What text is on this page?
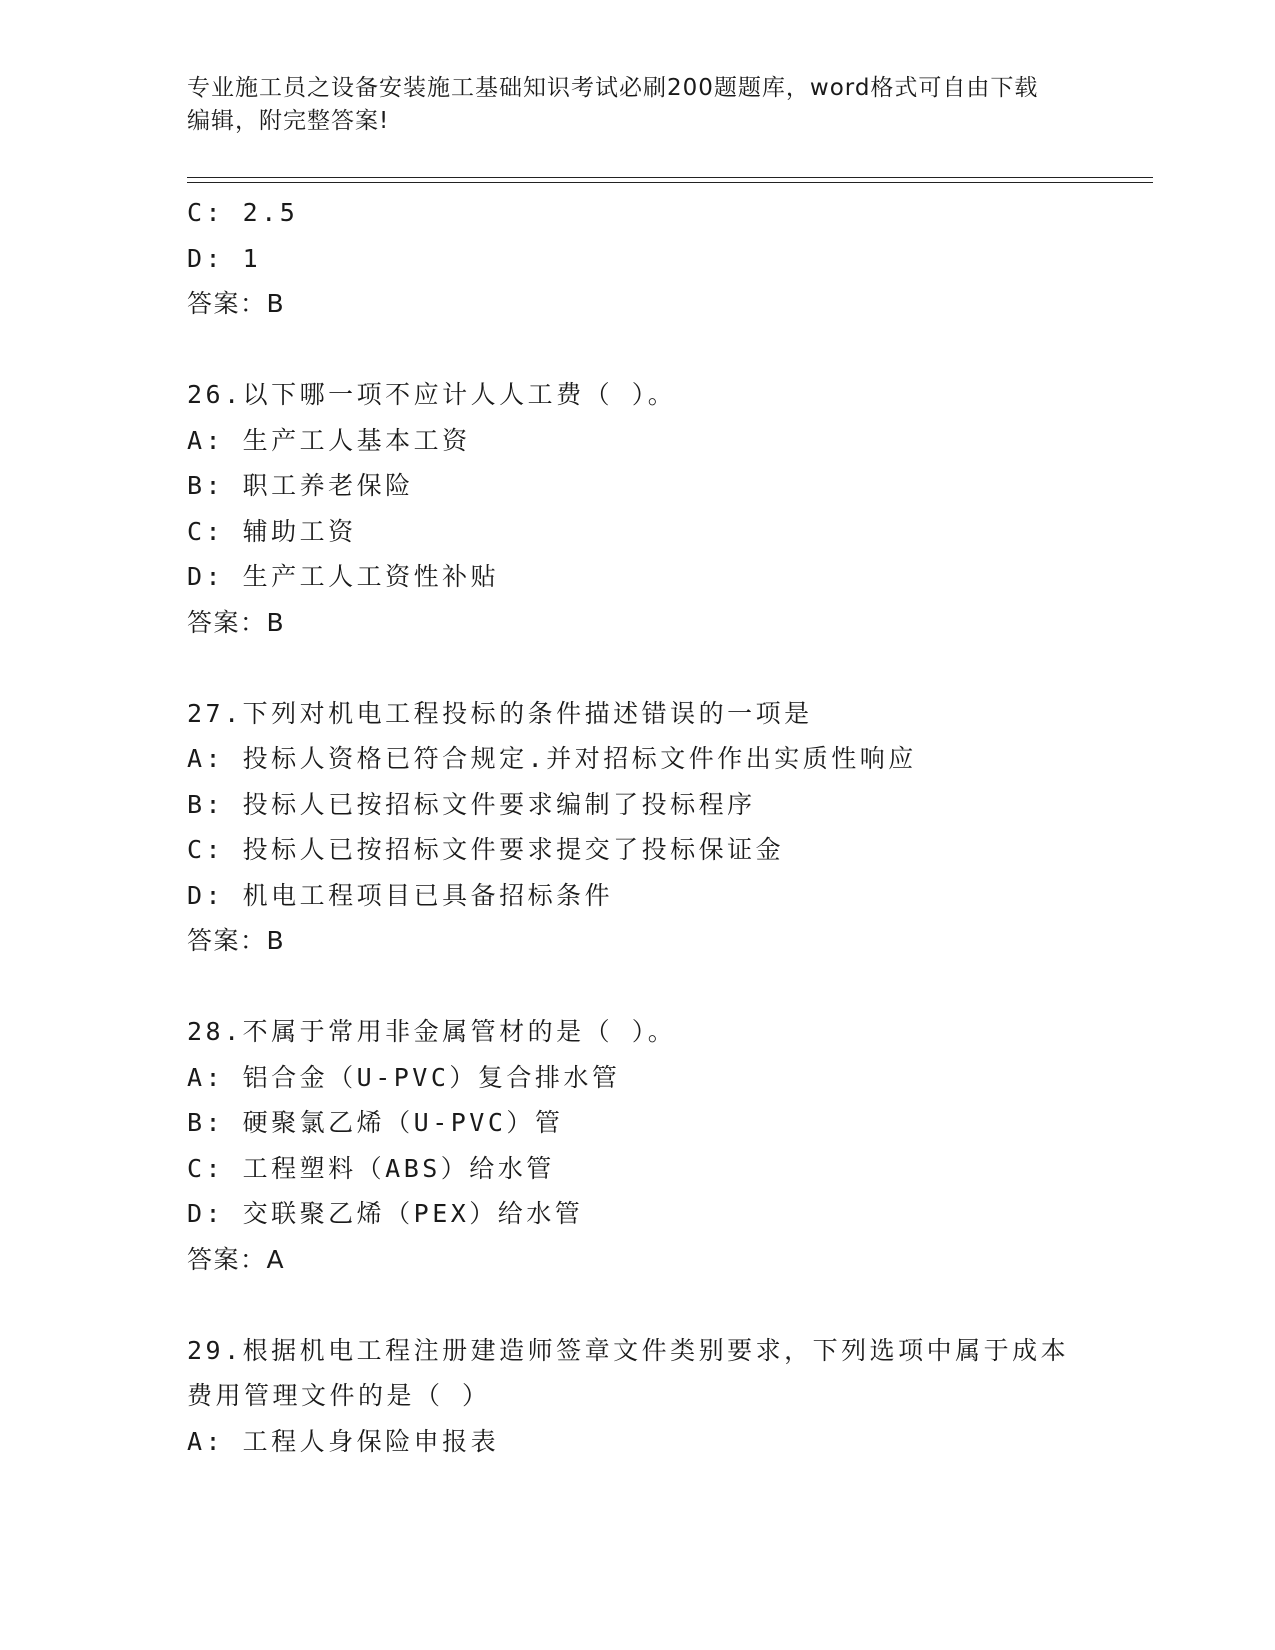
专业施工员之设备安装施工基础知识考试必刷200题题库，word格式可自由下载
编辑，附完整答案!
C: 2.5
D: 1
答案：B
26.以下哪一项不应计人人工费（ ）。
A: 生产工人基本工资
B: 职工养老保险
C: 辅助工资
D: 生产工人工资性补贴
答案：B
27.下列对机电工程投标的条件描述错误的一项是
A: 投标人资格已符合规定.并对招标文件作出实质性响应
B: 投标人已按招标文件要求编制了投标程序
C: 投标人已按招标文件要求提交了投标保证金
D: 机电工程项目已具备招标条件
答案：B
28.不属于常用非金属管材的是（ ）。
A: 铝合金（U-PVC）复合排水管
B: 硬聚氯乙烯（U-PVC）管
C: 工程塑料（ABS）给水管
D: 交联聚乙烯（PEX）给水管
答案：A
29.根据机电工程注册建造师签章文件类别要求，下列选项中属于成本
费用管理文件的是（ ）
A: 工程人身保险申报表
